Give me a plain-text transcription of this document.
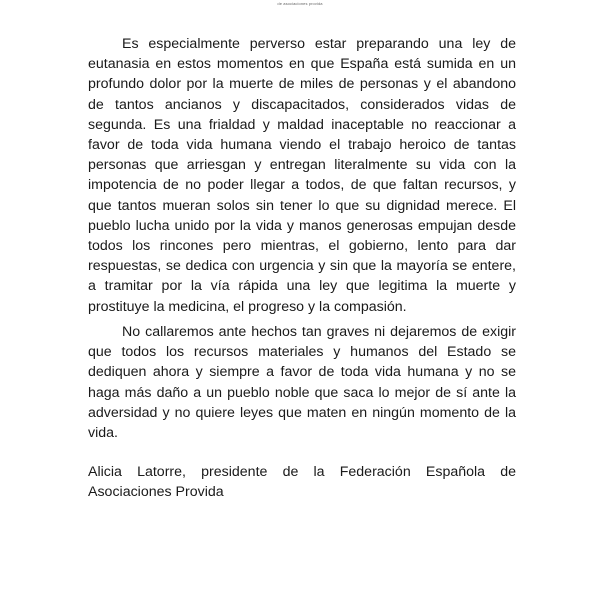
de asociaciones provida

Es especialmente perverso estar preparando una ley de eutanasia en estos momentos en que España está sumida en un profundo dolor por la muerte de miles de personas y el abandono de tantos ancianos y discapacitados, considerados vidas de segunda. Es una frialdad y maldad inaceptable no reaccionar a favor de toda vida humana viendo el trabajo heroico de tantas personas que arriesgan y entregan literalmente su vida con la impotencia de no poder llegar a todos, de que faltan recursos, y que tantos mueran solos sin tener lo que su dignidad merece. El pueblo lucha unido por la vida y manos generosas empujan desde todos los rincones pero mientras, el gobierno, lento para dar respuestas, se dedica con urgencia y sin que la mayoría se entere, a tramitar por la vía rápida una ley que legitima la muerte y prostituye la medicina, el progreso y la compasión.

No callaremos ante hechos tan graves ni dejaremos de exigir que todos los recursos materiales y humanos del Estado se dediquen ahora y siempre a favor de toda vida humana y no se haga más daño a un pueblo noble que saca lo mejor de sí ante la adversidad y no quiere leyes que maten en ningún momento de la vida.

Alicia Latorre, presidente de la Federación Española de Asociaciones Provida
